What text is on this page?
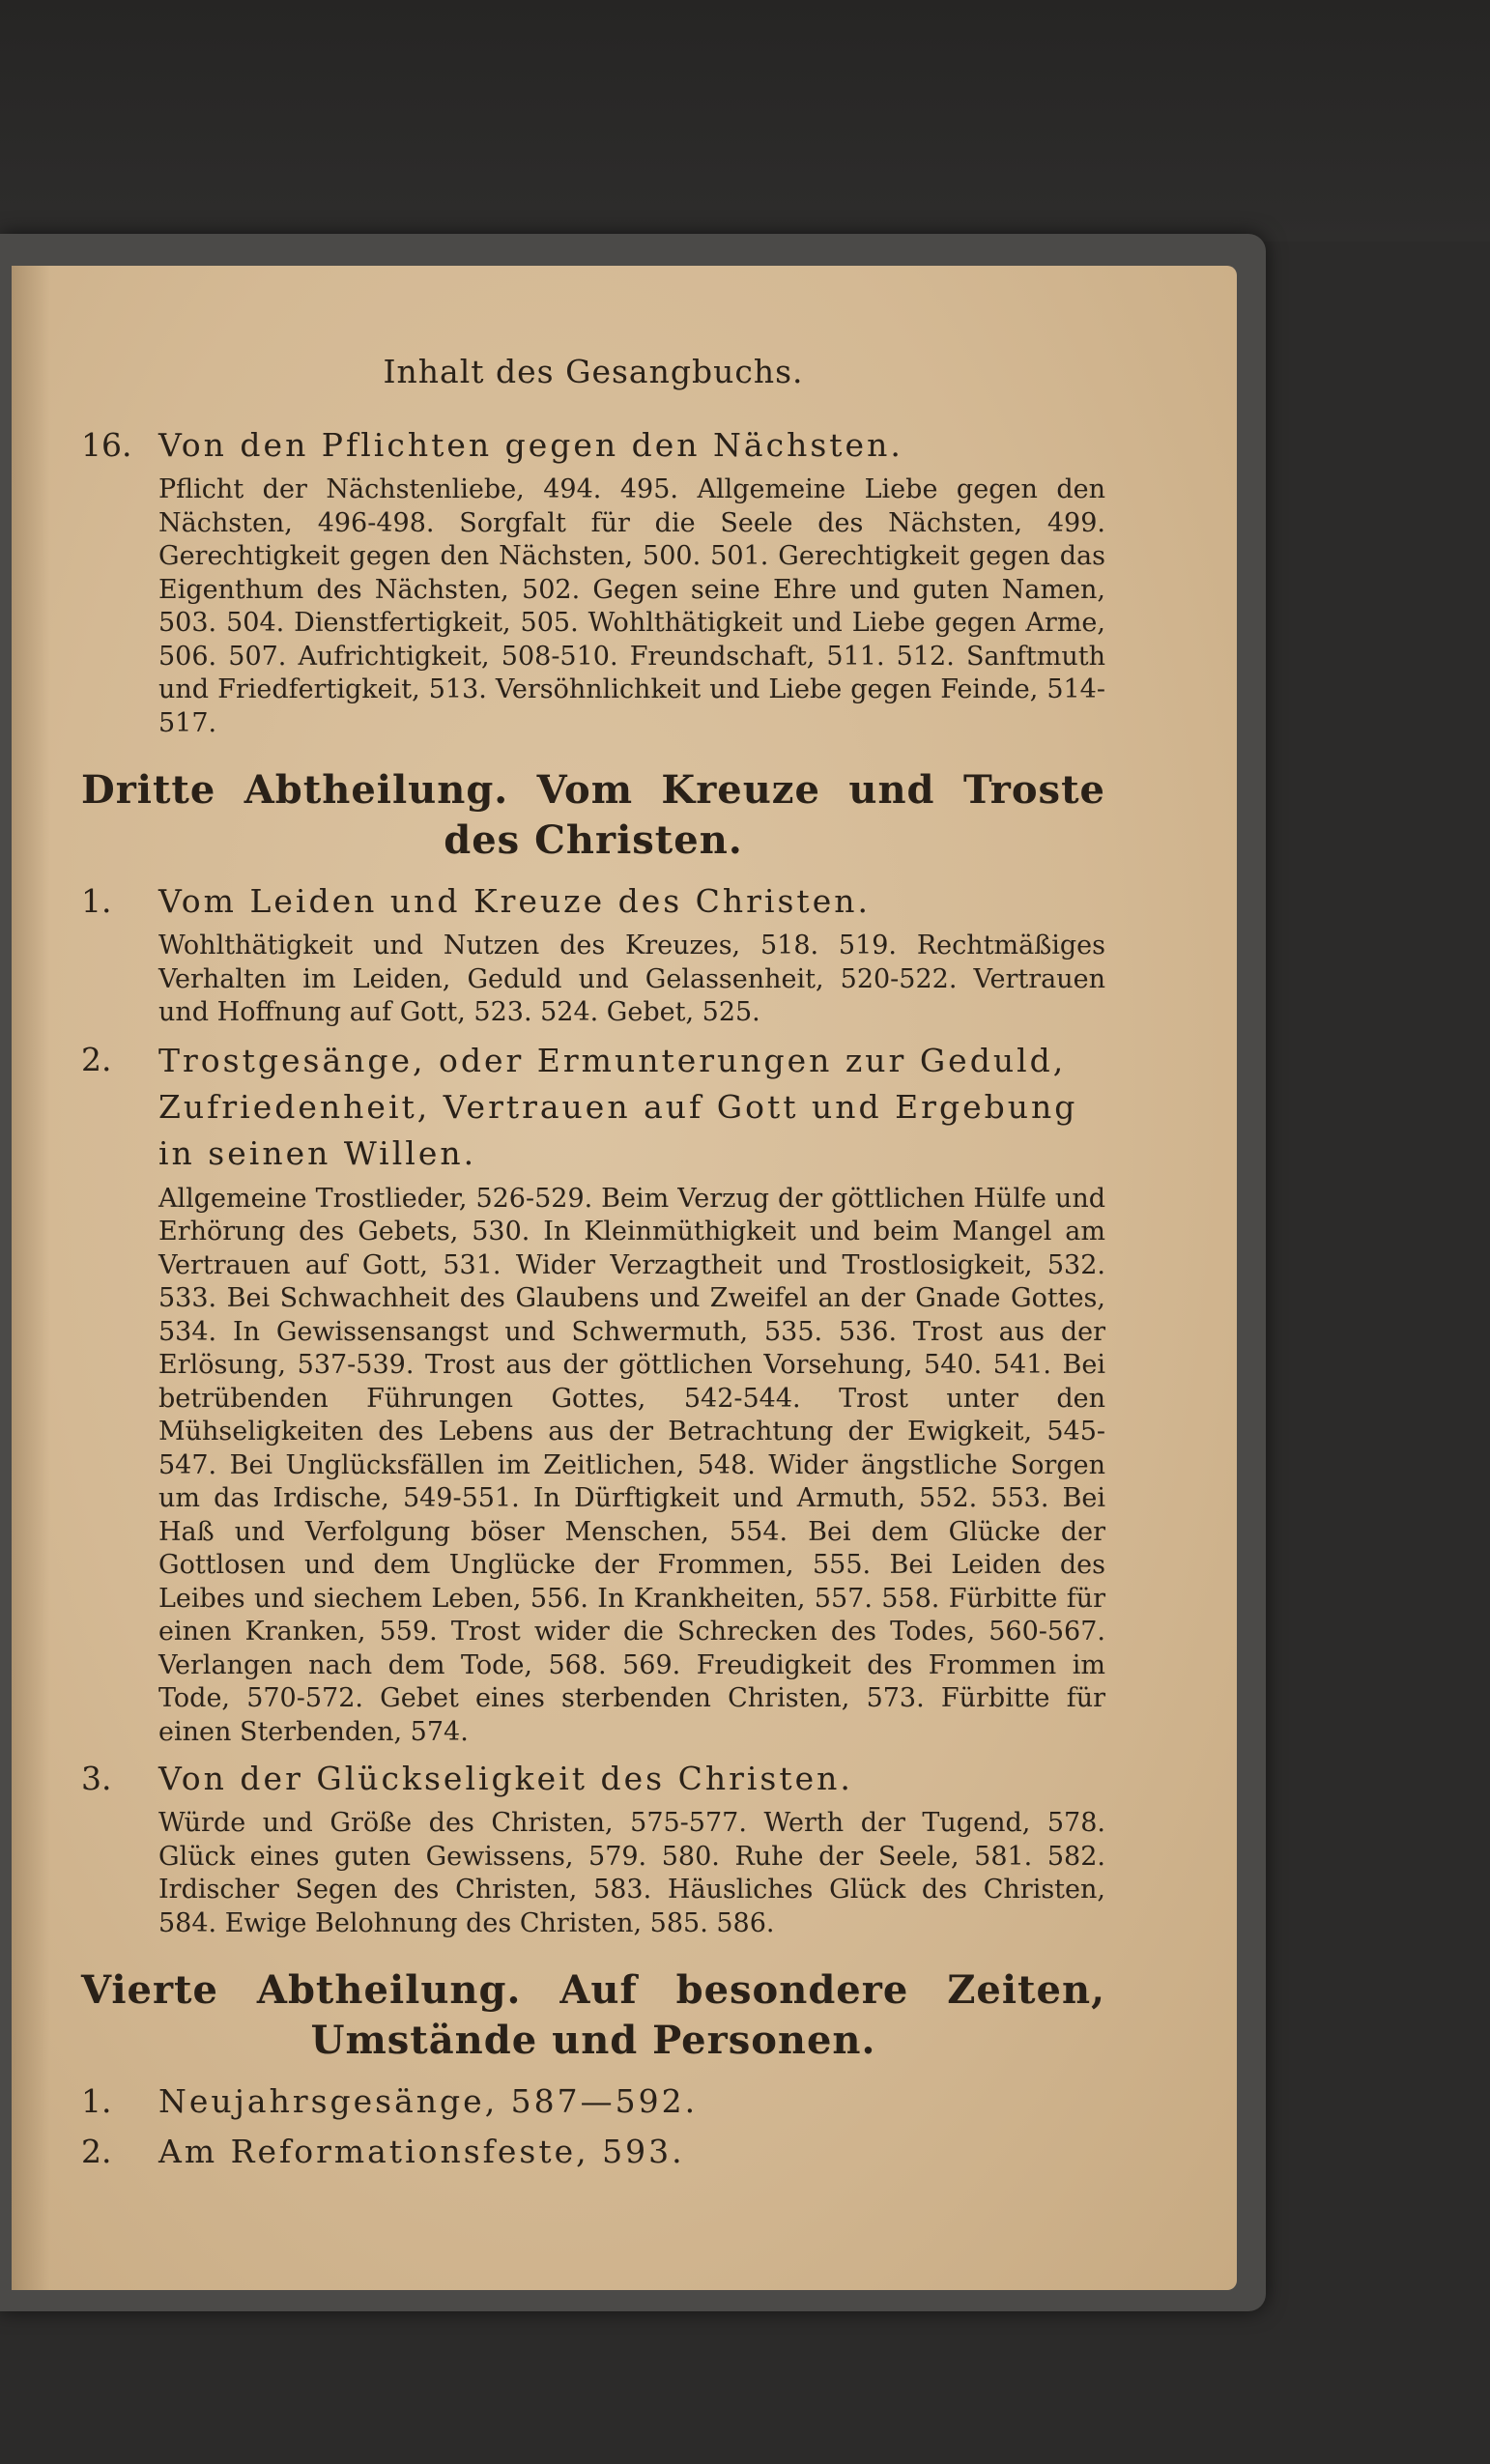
Inhalt des Gesangbuchs.
16. Von den Pflichten gegen den Nächsten.
Pflicht der Nächstenliebe, 494. 495. Allgemeine Liebe gegen den Nächsten, 496-498. Sorgfalt für die Seele des Nächsten, 499. Gerechtigkeit gegen den Nächsten, 500. 501. Gerechtigkeit gegen das Eigenthum des Nächsten, 502. Gegen seine Ehre und guten Namen, 503. 504. Dienstfertigkeit, 505. Wohlthätigkeit und Liebe gegen Arme, 506. 507. Aufrichtigkeit, 508-510. Freundschaft, 511. 512. Sanftmuth und Friedfertigkeit, 513. Versöhnlichkeit und Liebe gegen Feinde, 514-517.
Dritte Abtheilung. Vom Kreuze und Troste
des Christen.
1.	Vom Leiden und Kreuze des Christen.
Wohlthätigkeit und Nutzen des Kreuzes, 518. 519. Rechtmäßiges Verhalten im Leiden, Geduld und Gelassenheit, 520-522. Vertrauen und Hoffnung auf Gott, 523. 524. Gebet, 525.
2.	Trostgesänge, oder Ermunterungen zur Geduld, Zufriedenheit, Vertrauen auf Gott und Ergebung in seinen Willen.
Allgemeine Trostlieder, 526-529. Beim Verzug der göttlichen Hülfe und Erhörung des Gebets, 530. In Kleinmüthigkeit und beim Mangel am Vertrauen auf Gott, 531. Wider Verzagtheit und Trostlosigkeit, 532. 533. Bei Schwachheit des Glaubens und Zweifel an der Gnade Gottes, 534. In Gewissensangst und Schwermuth, 535. 536. Trost aus der Erlösung, 537-539. Trost aus der göttlichen Vorsehung, 540. 541. Bei betrübenden Führungen Gottes, 542-544. Trost unter den Mühseligkeiten des Lebens aus der Betrachtung der Ewigkeit, 545-547. Bei Unglücksfällen im Zeitlichen, 548. Wider ängstliche Sorgen um das Irdische, 549-551. In Dürftigkeit und Armuth, 552. 553. Bei Haß und Verfolgung böser Menschen, 554. Bei dem Glücke der Gottlosen und dem Unglücke der Frommen, 555. Bei Leiden des Leibes und siechem Leben, 556. In Krankheiten, 557. 558. Fürbitte für einen Kranken, 559. Trost wider die Schrecken des Todes, 560-567. Verlangen nach dem Tode, 568. 569. Freudigkeit des Frommen im Tode, 570-572. Gebet eines sterbenden Christen, 573. Fürbitte für einen Sterbenden, 574.
3.	Von der Glückseligkeit des Christen.
Würde und Größe des Christen, 575-577. Werth der Tugend, 578. Glück eines guten Gewissens, 579. 580. Ruhe der Seele, 581. 582. Irdischer Segen des Christen, 583. Häusliches Glück des Christen, 584. Ewige Belohnung des Christen, 585. 586.
Vierte Abtheilung. Auf besondere Zeiten,
Umstände und Personen.
1.	Neujahrsgesänge, 587—592.
2.	Am Reformationsfeste, 593.
